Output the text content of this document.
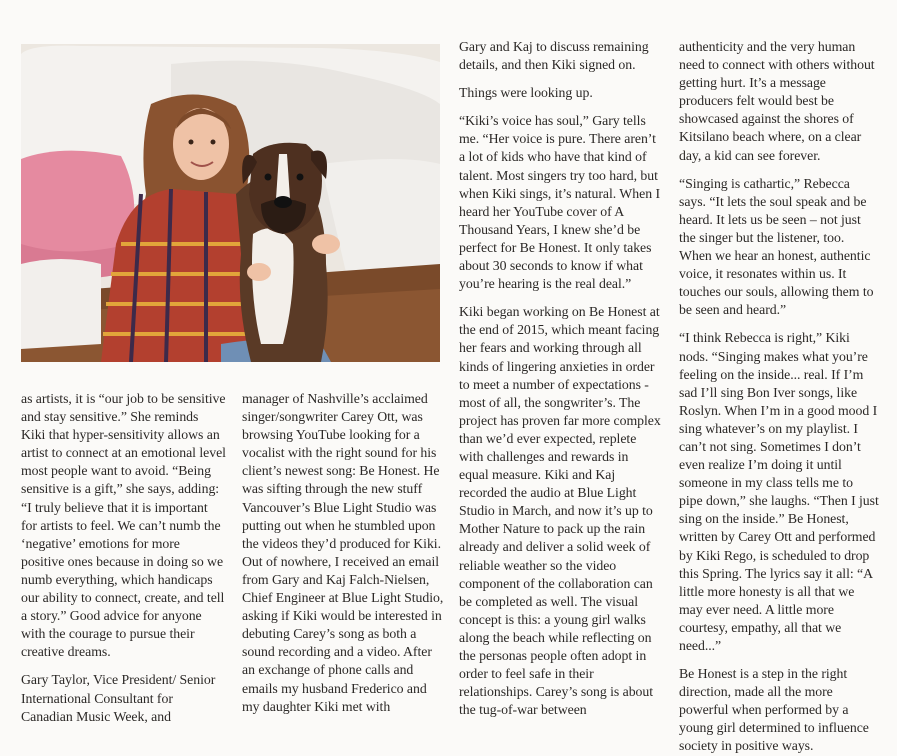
as artists, it is “our job to be sensitive and stay sensitive.” She reminds Kiki that hyper-sensitivity allows an artist to connect at an emotional level most people want to avoid. “Being sensitive is a gift,” she says, adding: “I truly believe that it is important for artists to feel. We can’t numb the ‘negative’ emotions for more positive ones because in doing so we numb everything, which handicaps our ability to connect, create, and tell a story.” Good advice for anyone with the courage to pursue their creative dreams.

Gary Taylor, Vice President/ Senior International Consultant for Canadian Music Week, and

manager of Nashville’s acclaimed singer/songwriter Carey Ott, was browsing YouTube looking for a vocalist with the right sound for his client’s newest song: Be Honest. He was sifting through the new stuff Vancouver’s Blue Light Studio was putting out when he stumbled upon the videos they’d produced for Kiki. Out of nowhere, I received an email from Gary and Kaj Falch-Nielsen, Chief Engineer at Blue Light Studio, asking if Kiki would be interested in debuting Carey’s song as both a sound recording and a video. After an exchange of phone calls and emails my husband Frederico and my daughter Kiki met with

Gary and Kaj to discuss remaining details, and then Kiki signed on.

Things were looking up.

“Kiki’s voice has soul,” Gary tells me. “Her voice is pure. There aren’t a lot of kids who have that kind of talent. Most singers try too hard, but when Kiki sings, it’s natural. When I heard her YouTube cover of A Thousand Years, I knew she’d be perfect for Be Honest. It only takes about 30 seconds to know if what you’re hearing is the real deal.”

Kiki began working on Be Honest at the end of 2015, which meant facing her fears and working through all kinds of lingering anxieties in order to meet a number of expectations - most of all, the songwriter’s. The project has proven far more complex than we’d ever expected, replete with challenges and rewards in equal measure. Kiki and Kaj recorded the audio at Blue Light Studio in March, and now it’s up to Mother Nature to pack up the rain already and deliver a solid week of reliable weather so the video component of the collaboration can be completed as well. The visual concept is this: a young girl walks along the beach while reflecting on the personas people often adopt in order to feel safe in their relationships. Carey’s song is about the tug-of-war between

authenticity and the very human need to connect with others without getting hurt. It’s a message producers felt would best be showcased against the shores of Kitsilano beach where, on a clear day, a kid can see forever.

“Singing is cathartic,” Rebecca says. “It lets the soul speak and be heard. It lets us be seen – not just the singer but the listener, too. When we hear an honest, authentic voice, it resonates within us. It touches our souls, allowing them to be seen and heard.”

“I think Rebecca is right,” Kiki nods. “Singing makes what you’re feeling on the inside... real. If I’m sad I’ll sing Bon Iver songs, like Roslyn. When I’m in a good mood I sing whatever’s on my playlist. I can’t not sing. Sometimes I don’t even realize I’m doing it until someone in my class tells me to pipe down,” she laughs. “Then I just sing on the inside.” Be Honest, written by Carey Ott and performed by Kiki Rego, is scheduled to drop this Spring. The lyrics say it all: “A little more honesty is all that we may ever need. A little more courtesy, empathy, all that we need...”

Be Honest is a step in the right direction, made all the more powerful when performed by a young girl determined to influence society in positive ways.
